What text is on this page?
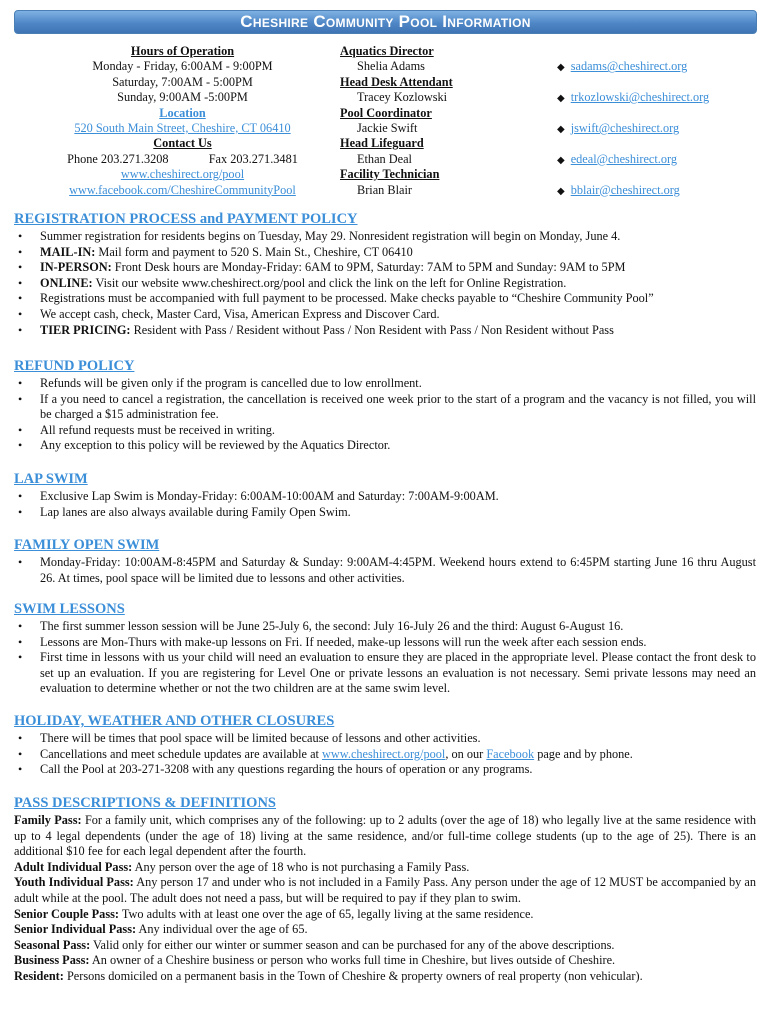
Cheshire Community Pool Information
Hours of Operation
Monday - Friday, 6:00AM - 9:00PM
Saturday, 7:00AM - 5:00PM
Sunday, 9:00AM -5:00PM
Location
520 South Main Street, Cheshire, CT 06410
Contact Us
Phone 203.271.3208	Fax 203.271.3481
www.cheshirect.org/pool
www.facebook.com/CheshireCommunityPool
Aquatics Director
Shelia Adams
Head Desk Attendant
Tracey Kozlowski
Pool Coordinator
Jackie Swift
Head Lifeguard
Ethan Deal
Facility Technician
Brian Blair
◆ sadams@cheshirect.org
◆ trkozlowski@cheshirect.org
◆ jswift@cheshirect.org
◆ edeal@cheshirect.org
◆ bblair@cheshirect.org
REGISTRATION PROCESS and PAYMENT POLICY
• Summer registration for residents begins on Tuesday, May 29. Nonresident registration will begin on Monday, June 4.
• MAIL-IN: Mail form and payment to 520 S. Main St., Cheshire, CT 06410
• IN-PERSON: Front Desk hours are Monday-Friday: 6AM to 9PM, Saturday: 7AM to 5PM and Sunday: 9AM to 5PM
• ONLINE: Visit our website www.cheshirect.org/pool and click the link on the left for Online Registration.
• Registrations must be accompanied with full payment to be processed. Make checks payable to “Cheshire Community Pool”
• We accept cash, check, Master Card, Visa, American Express and Discover Card.
• TIER PRICING: Resident with Pass / Resident without Pass / Non Resident with Pass / Non Resident without Pass
REFUND POLICY
• Refunds will be given only if the program is cancelled due to low enrollment.
• If a you need to cancel a registration, the cancellation is received one week prior to the start of a program and the vacancy is not filled, you will be charged a $15 administration fee.
• All refund requests must be received in writing.
• Any exception to this policy will be reviewed by the Aquatics Director.
LAP SWIM
• Exclusive Lap Swim is Monday-Friday: 6:00AM-10:00AM and Saturday: 7:00AM-9:00AM.
• Lap lanes are also always available during Family Open Swim.
FAMILY OPEN SWIM
• Monday-Friday: 10:00AM-8:45PM and Saturday & Sunday: 9:00AM-4:45PM. Weekend hours extend to 6:45PM starting June 16 thru August 26. At times, pool space will be limited due to lessons and other activities.
SWIM LESSONS
• The first summer lesson session will be June 25-July 6, the second: July 16-July 26 and the third: August 6-August 16.
• Lessons are Mon-Thurs with make-up lessons on Fri. If needed, make-up lessons will run the week after each session ends.
• First time in lessons with us your child will need an evaluation to ensure they are placed in the appropriate level. Please contact the front desk to set up an evaluation. If you are registering for Level One or private lessons an evaluation is not necessary. Semi private lessons may need an evaluation to determine whether or not the two children are at the same swim level.
HOLIDAY, WEATHER AND OTHER CLOSURES
• There will be times that pool space will be limited because of lessons and other activities.
• Cancellations and meet schedule updates are available at www.cheshirect.org/pool, on our Facebook page and by phone.
• Call the Pool at 203-271-3208 with any questions regarding the hours of operation or any programs.
PASS DESCRIPTIONS & DEFINITIONS

Family Pass: For a family unit, which comprises any of the following: up to 2 adults (over the age of 18) who legally live at the same residence with up to 4 legal dependents (under the age of 18) living at the same residence, and/or full-time college students (up to the age of 25). There is an additional $10 fee for each legal dependent after the fourth.

Adult Individual Pass: Any person over the age of 18 who is not purchasing a Family Pass.

Youth Individual Pass: Any person 17 and under who is not included in a Family Pass. Any person under the age of 12 MUST be accompanied by an adult while at the pool. The adult does not need a pass, but will be required to pay if they plan to swim.

Senior Couple Pass: Two adults with at least one over the age of 65, legally living at the same residence.

Senior Individual Pass: Any individual over the age of 65.

Seasonal Pass: Valid only for either our winter or summer season and can be purchased for any of the above descriptions.

Business Pass: An owner of a Cheshire business or person who works full time in Cheshire, but lives outside of Cheshire.

Resident: Persons domiciled on a permanent basis in the Town of Cheshire & property owners of real property (non vehicular).
